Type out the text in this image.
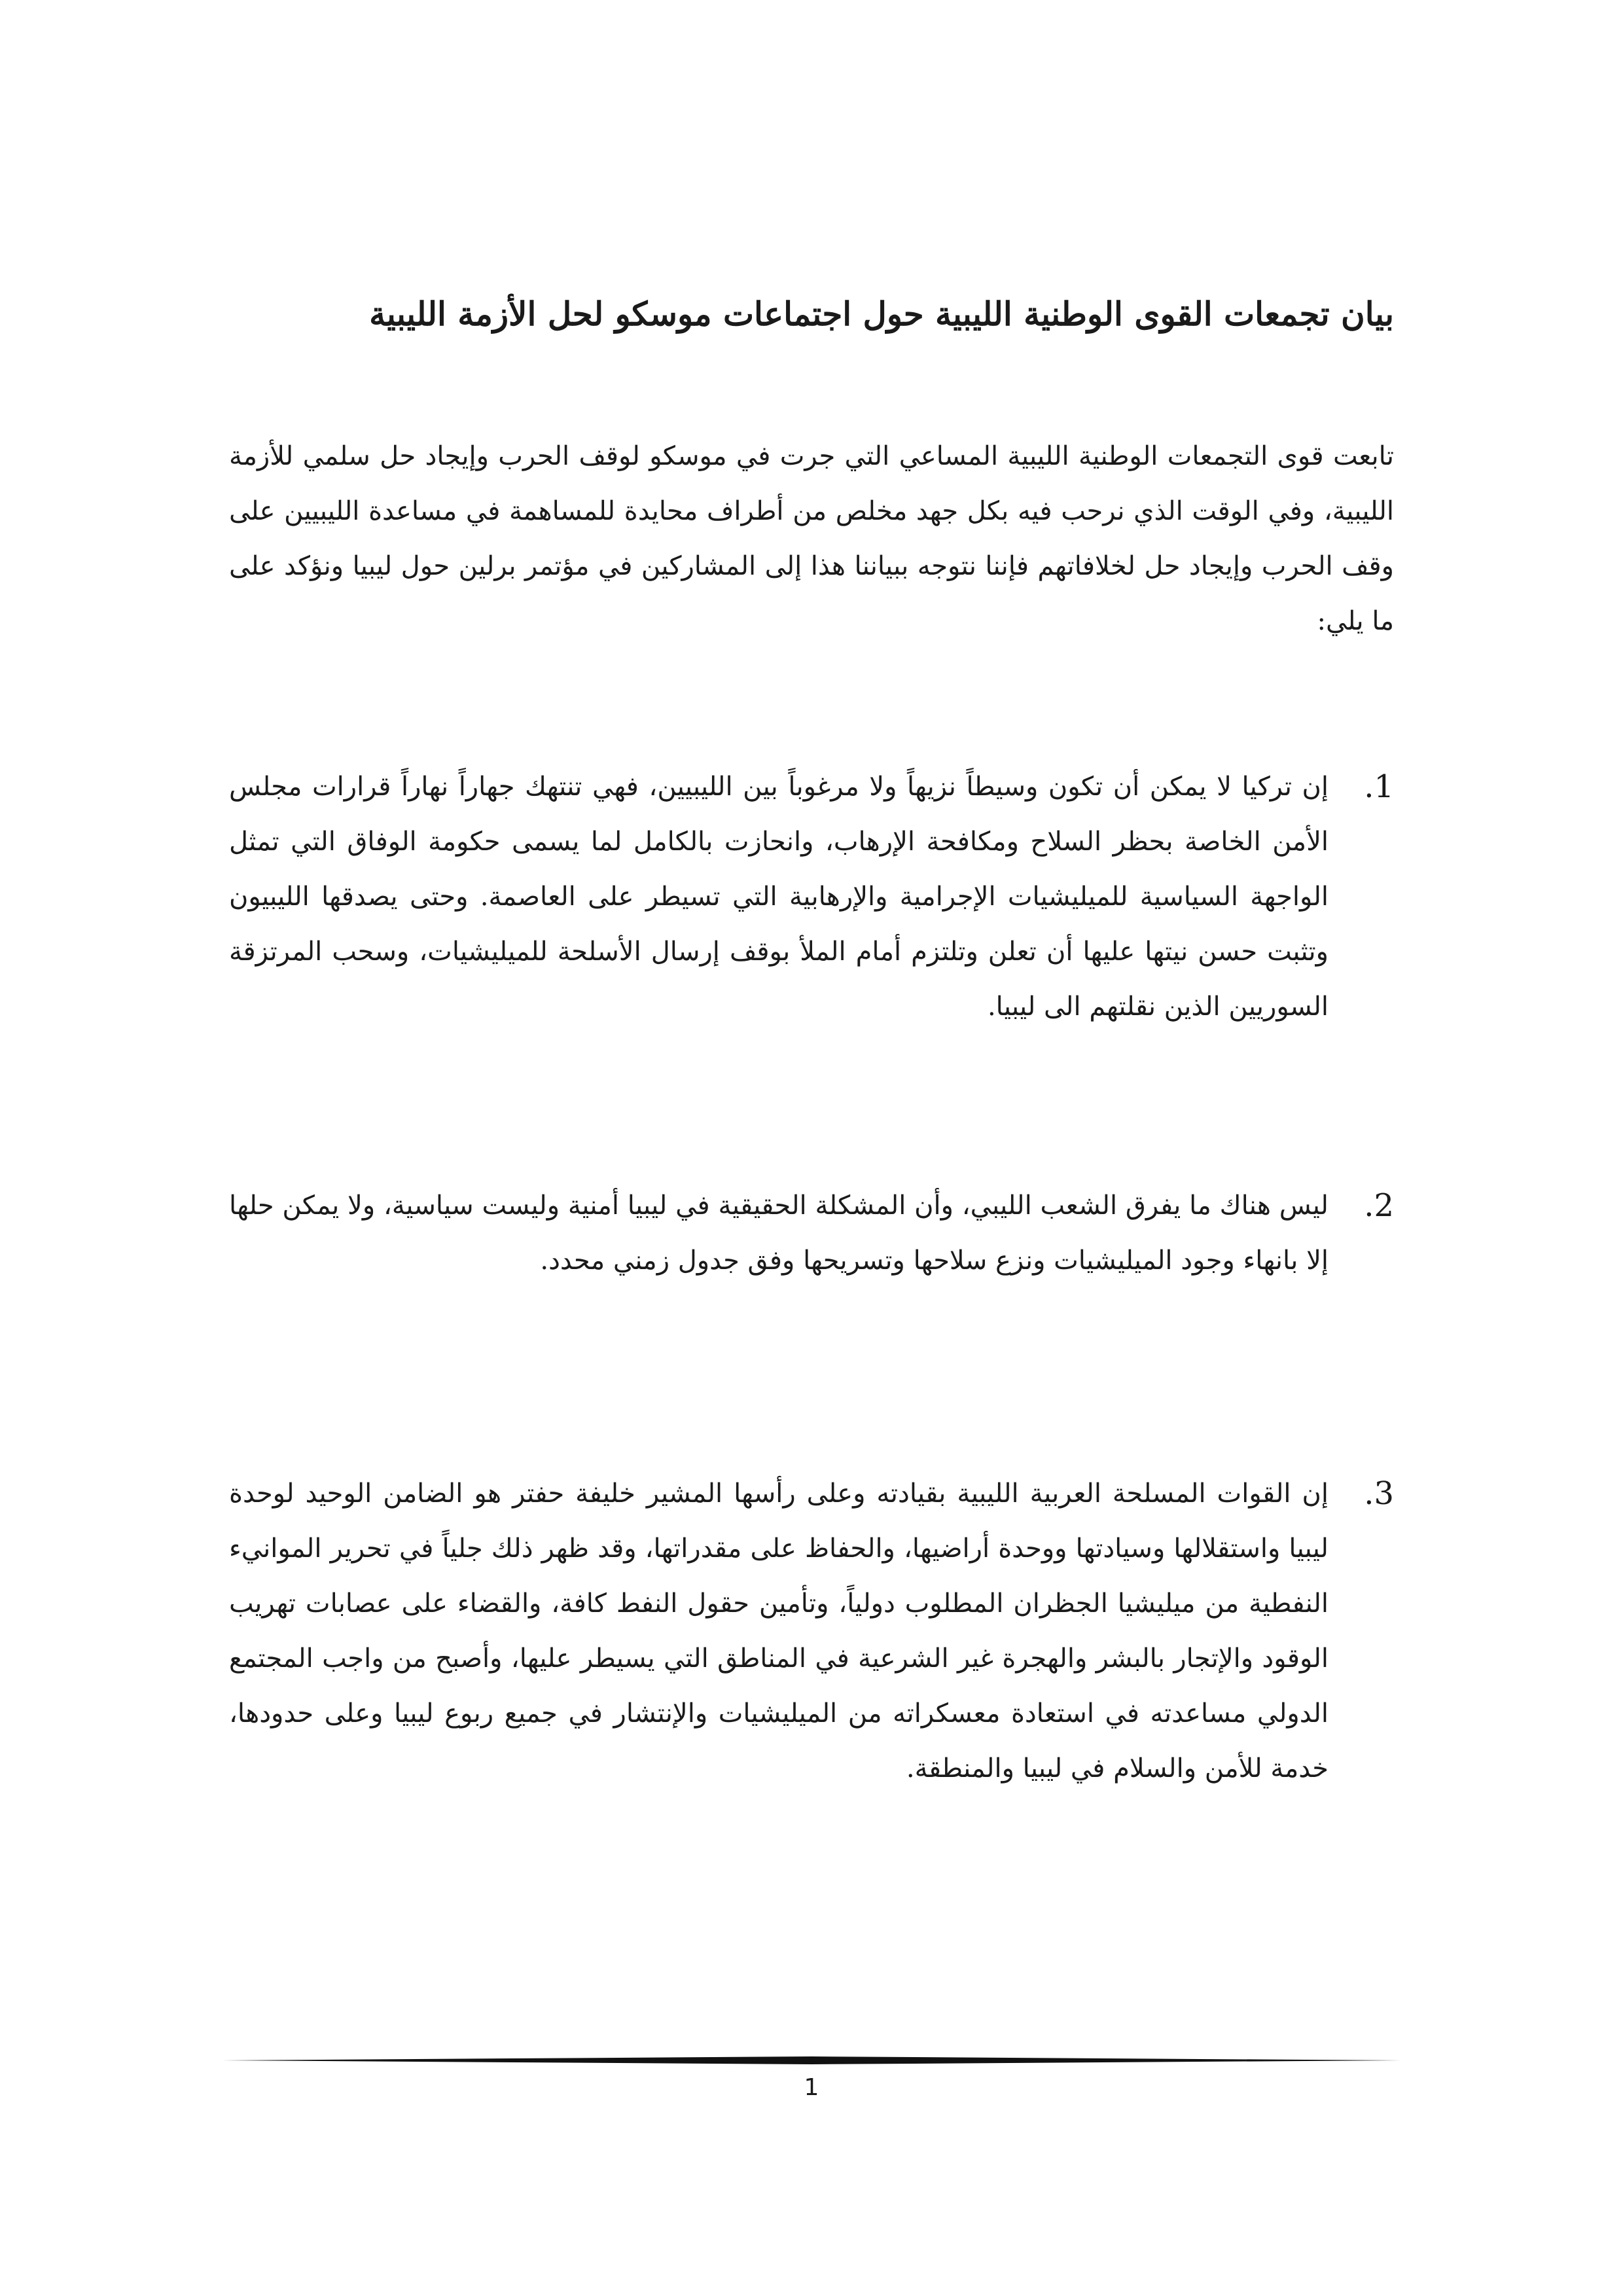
بيان تجمعات القوى الوطنية الليبية حول اجتماعات موسكو لحل الأزمة الليبية

تابعت قوى التجمعات الوطنية الليبية المساعي التي جرت في موسكو لوقف الحرب وإيجاد حل سلمي للأزمة الليبية، وفي الوقت الذي نرحب فيه بكل جهد مخلص من أطراف محايدة للمساهمة في مساعدة الليبيين على وقف الحرب وإيجاد حل لخلافاتهم فإننا نتوجه ببياننا هذا إلى المشاركين في مؤتمر برلين حول ليبيا ونؤكد على ما يلي:

1.

إن تركيا لا يمكن أن تكون وسيطاً نزيهاً ولا مرغوباً بين الليبيين، فهي تنتهك جهاراً نهاراً قرارات مجلس الأمن الخاصة بحظر السلاح ومكافحة الإرهاب، وانحازت بالكامل لما يسمى حكومة الوفاق التي تمثل الواجهة السياسية للميليشيات الإجرامية والإرهابية التي تسيطر على العاصمة. وحتى يصدقها الليبيون وتثبت حسن نيتها عليها أن تعلن وتلتزم أمام الملأ بوقف إرسال الأسلحة للميليشيات، وسحب المرتزقة السوريين الذين نقلتهم الى ليبيا.

2.

ليس هناك ما يفرق الشعب الليبي، وأن المشكلة الحقيقية في ليبيا أمنية وليست سياسية، ولا يمكن حلها إلا بانهاء وجود الميليشيات ونزع سلاحها وتسريحها وفق جدول زمني محدد.

3.

إن القوات المسلحة العربية الليبية بقيادته وعلى رأسها المشير خليفة حفتر هو الضامن الوحيد لوحدة ليبيا واستقلالها وسيادتها ووحدة أراضيها، والحفاظ على مقدراتها، وقد ظهر ذلك جلياً في تحرير الموانيء النفطية من ميليشيا الجظران المطلوب دولياً، وتأمين حقول النفط كافة، والقضاء على عصابات تهريب الوقود والإتجار بالبشر والهجرة غير الشرعية في المناطق التي يسيطر عليها، وأصبح من واجب المجتمع الدولي مساعدته في استعادة معسكراته من الميليشيات والإنتشار في جميع ربوع ليبيا وعلى حدودها، خدمة للأمن والسلام في ليبيا والمنطقة.

1
